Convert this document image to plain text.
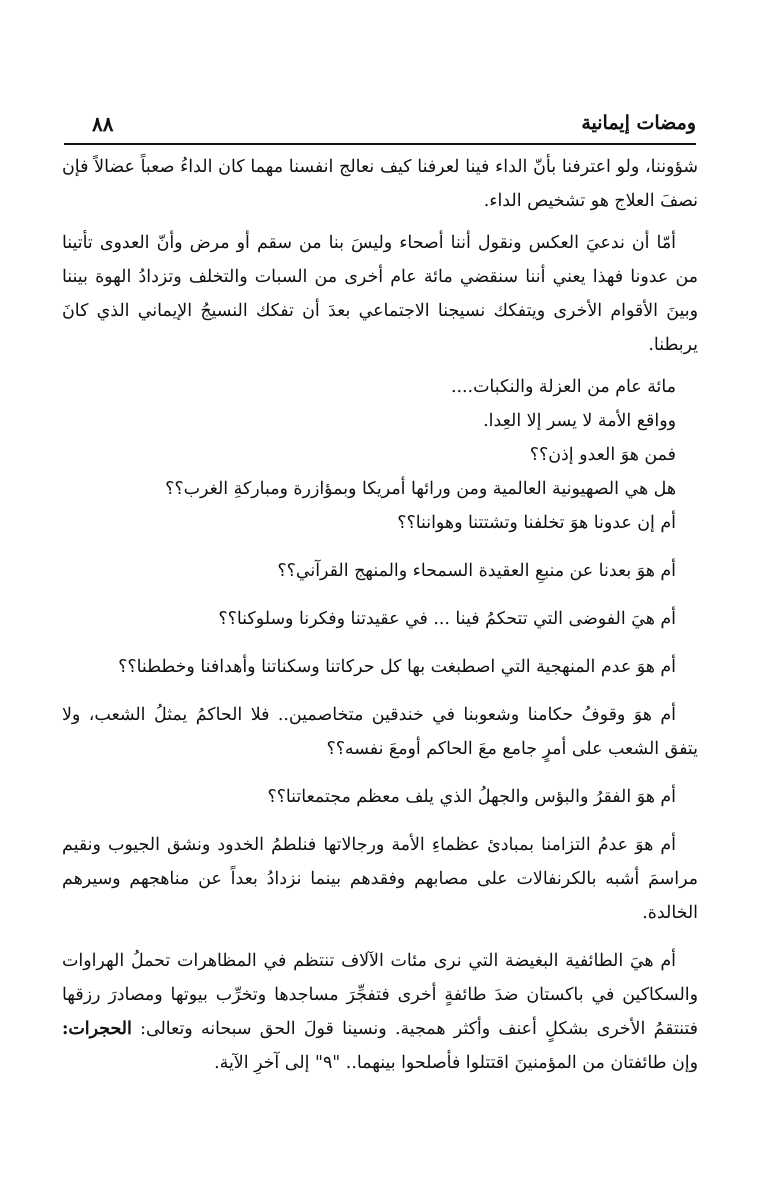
٨٨	ومضات إيمانية

شؤوننا، ولو اعترفنا بأنّ الداء فينا لعرفنا كيف نعالج انفسنا مهما كان الداءُ صعباً عضالاً فإن نصفَ العلاج هو تشخيص الداء.

أمّا أن ندعيَ العكس ونقول أننا أصحاء وليسَ بنا من سقم أو مرض وأنّ العدوى تأتينا من عدونا فهذا يعني أننا سنقضي مائة عام أخرى من السبات والتخلف وتزدادُ الهوة بيننا وبينَ الأقوام الأخرى ويتفكك نسيجنا الاجتماعي بعدَ أن تفكك النسيجُ الإيماني الذي كانَ يربطنا.

مائة عام من العزلة والنكبات....

وواقع الأمة لا يسر إلا العِدا.

فمن هوَ العدو إذن؟؟

هل هي الصهيونية العالمية ومن ورائها أمريكا وبمؤازرة ومباركةِ الغرب؟؟

أم إن عدونا هوَ تخلفنا وتشتتنا وهواننا؟؟

أم هوَ بعدنا عن منبعِ العقيدة السمحاء والمنهج القرآني؟؟

أم هيَ الفوضى التي تتحكمُ فينا ... في عقيدتنا وفكرنا وسلوكنا؟؟

أم هوَ عدم المنهجية التي اصطبغت بها كل حركاتنا وسكناتنا وأهدافنا وخططنا؟؟

أم هوَ وقوفُ حكامنا وشعوبنا في خندقين متخاصمين.. فلا الحاكمُ يمثلُ الشعب، ولا يتفق الشعب على أمرٍ جامع معَ الحاكم أومعَ نفسه؟؟

أم هوَ الفقرُ والبؤس والجهلُ الذي يلف معظم مجتمعاتنا؟؟

أم هوَ عدمُ التزامنا بمبادئ عظماءِ الأمة ورجالاتها فنلطمُ الخدود ونشق الجيوب ونقيم مراسمَ أشبه بالكرنفالات على مصابهم وفقدهم بينما نزدادُ بعداً عن مناهجهم وسيرهم الخالدة.

أم هيَ الطائفية البغيضة التي نرى مئات الآلاف تنتظم في المظاهرات تحملُ الهراوات والسكاكين في باكستان ضدَ طائفةٍ أخرى فتفجِّرَ مساجدها وتخرِّب بيوتها ومصادرَ رزقها فتنتقمُ الأخرى بشكلٍ أعنف وأكثر همجية. ونسينا قولَ الحق سبحانه وتعالى: الحجرات: وإن طائفتان من المؤمنينَ اقتتلوا فأصلحوا بينهما.. "٩" إلى آخرِ الآية.
